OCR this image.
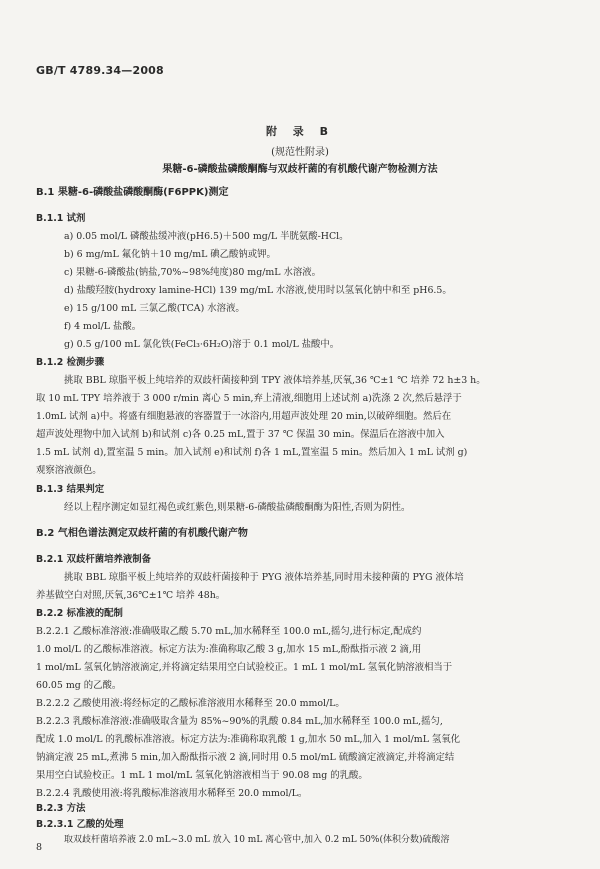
GB/T 4789.34—2008
附 录 B
(规范性附录)
果糖-6-磷酸盐磷酸酮酶与双歧杆菌的有机酸代谢产物检测方法
B.1 果糖-6-磷酸盐磷酸酮酶(F6PPK)测定
B.1.1 试剂
a) 0.05 mol/L 磷酸盐缓冲液(pH6.5)＋500 mg/L 半胱氨酸-HCl。
b) 6 mg/mL 氟化钠＋10 mg/mL 碘乙酸钠或钾。
c) 果糖-6-磷酸盐(钠盐,70%~98%纯度)80 mg/mL 水溶液。
d) 盐酸羟胺(hydroxy lamine-HCl) 139 mg/mL 水溶液,使用时以氢氧化钠中和至 pH6.5。
e) 15 g/100 mL 三氯乙酸(TCA) 水溶液。
f) 4 mol/L 盐酸。
g) 0.5 g/100 mL 氯化铁(FeCl₃·6H₂O)溶于 0.1 mol/L 盐酸中。
B.1.2 检测步骤
挑取 BBL 琼脂平板上纯培养的双歧杆菌接种到 TPY 液体培养基,厌氧,36 ℃±1 ℃ 培养 72 h±3 h。
取 10 mL TPY 培养液于 3 000 r/min 离心 5 min,弃上清液,细胞用上述试剂 a)洗涤 2 次,然后悬浮于
1.0mL 试剂 a)中。将盛有细胞悬液的容器置于一冰浴内,用超声波处理 20 min,以破碎细胞。然后在
超声波处理物中加入试剂 b)和试剂 c)各 0.25 mL,置于 37 ℃ 保温 30 min。保温后在溶液中加入
1.5 mL 试剂 d),置室温 5 min。加入试剂 e)和试剂 f)各 1 mL,置室温 5 min。然后加入 1 mL 试剂 g)
观察溶液颜色。
B.1.3 结果判定
经以上程序测定如显红褐色或红紫色,则果糖-6-磷酸盐磷酸酮酶为阳性,否则为阴性。
B.2 气相色谱法测定双歧杆菌的有机酸代谢产物
B.2.1 双歧杆菌培养液制备
挑取 BBL 琼脂平板上纯培养的双歧杆菌接种于 PYG 液体培养基,同时用未接种菌的 PYG 液体培
养基做空白对照,厌氧,36℃±1℃ 培养 48h。
B.2.2 标准液的配制
B.2.2.1 乙酸标准溶液:准确吸取乙酸 5.70 mL,加水稀释至 100.0 mL,摇匀,进行标定,配成约
1.0 mol/L 的乙酸标准溶液。标定方法为:准确称取乙酸 3 g,加水 15 mL,酚酞指示液 2 滴,用
1 mol/mL 氢氧化钠溶液滴定,并将滴定结果用空白试验校正。1 mL 1 mol/mL 氢氧化钠溶液相当于
60.05 mg 的乙酸。
B.2.2.2 乙酸使用液:将经标定的乙酸标准溶液用水稀释至 20.0 mmol/L。
B.2.2.3 乳酸标准溶液:准确吸取含量为 85%~90%的乳酸 0.84 mL,加水稀释至 100.0 mL,摇匀,
配成 1.0 mol/L 的乳酸标准溶液。标定方法为:准确称取乳酸 1 g,加水 50 mL,加入 1 mol/mL 氢氧化
钠滴定液 25 mL,煮沸 5 min,加入酚酞指示液 2 滴,同时用 0.5 mol/mL 硫酸滴定液滴定,并将滴定结
果用空白试验校正。1 mL 1 mol/mL 氢氧化钠溶液相当于 90.08 mg 的乳酸。
B.2.2.4 乳酸使用液:将乳酸标准溶液用水稀释至 20.0 mmol/L。
B.2.3 方法
B.2.3.1 乙酸的处理
取双歧杆菌培养液 2.0 mL~3.0 mL 放入 10 mL 离心管中,加入 0.2 mL 50%(体积分数)硫酸溶
8
